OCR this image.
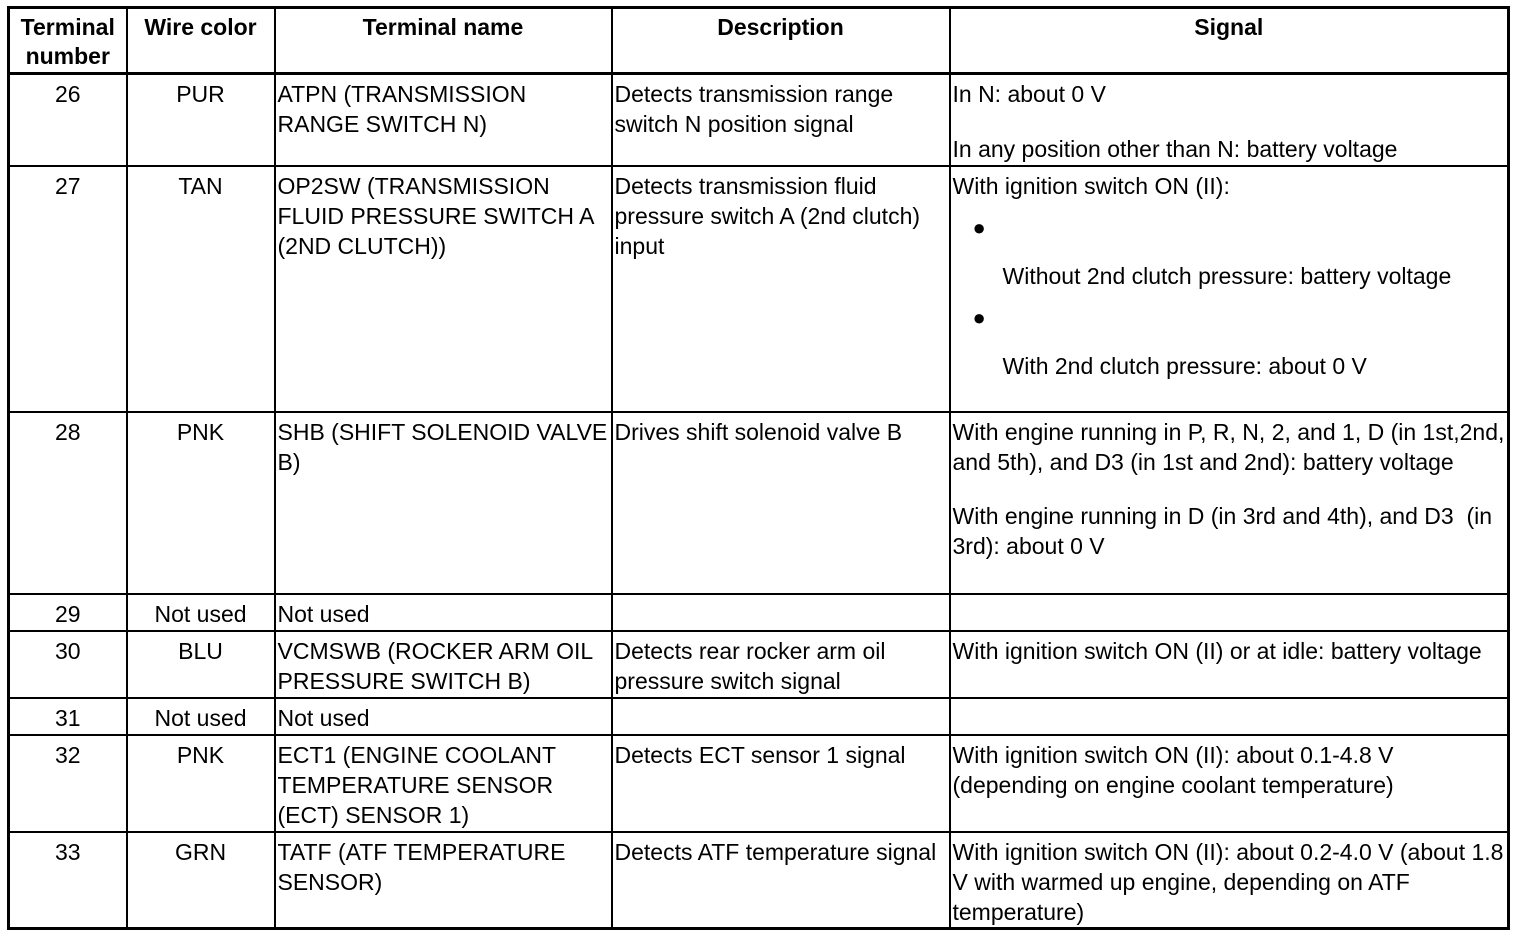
Terminal number	Wire color	Terminal name	Description	Signal
26	PUR	ATPN (TRANSMISSION RANGE SWITCH N)	Detects transmission range switch N position signal	In N: about 0 V
In any position other than N: battery voltage

27	TAN	OP2SW (TRANSMISSION FLUID PRESSURE SWITCH A (2ND CLUTCH))	Detects transmission fluid pressure switch A (2nd clutch) input	With ignition switch ON (II):
●
Without 2nd clutch pressure: battery voltage
●
With 2nd clutch pressure: about 0 V

28	PNK	SHB (SHIFT SOLENOID VALVE B)	Drives shift solenoid valve B	With engine running in P, R, N, 2, and 1, D (in 1st,2nd,  and 5th), and D3 (in 1st and 2nd): battery voltage
With engine running in D (in 3rd and 4th), and D3  (in 3rd): about 0 V

29	Not used	Not used		
30	BLU	VCMSWB (ROCKER ARM OIL PRESSURE SWITCH B)	Detects rear rocker arm oil pressure switch signal	With ignition switch ON (II) or at idle: battery voltage
31	Not used	Not used		
32	PNK	ECT1 (ENGINE COOLANT TEMPERATURE SENSOR (ECT) SENSOR 1)	Detects ECT sensor 1 signal	With ignition switch ON (II): about 0.1-4.8 V (depending on engine coolant temperature)
33	GRN	TATF (ATF TEMPERATURE SENSOR)	Detects ATF temperature signal	With ignition switch ON (II): about 0.2-4.0 V (about 1.8 V with warmed up engine, depending on ATF temperature)
